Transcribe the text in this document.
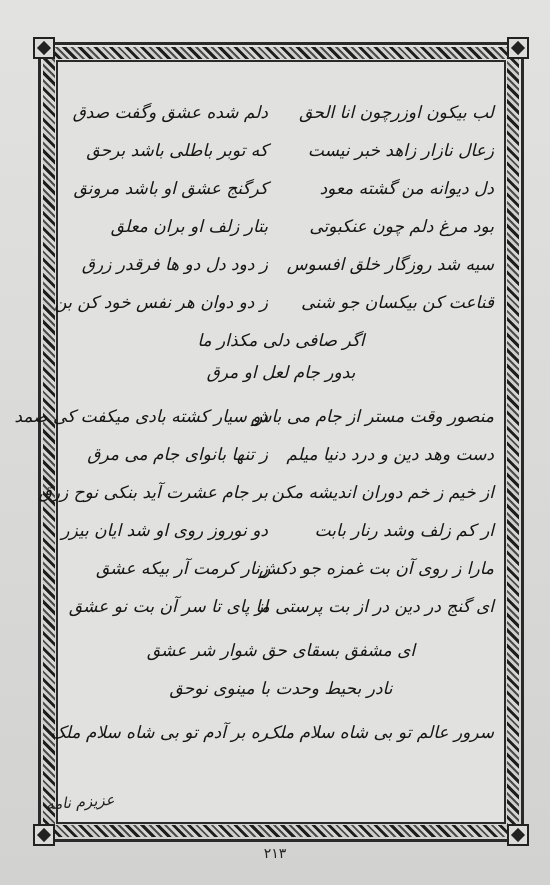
لب بیکون اوزرچون انا الحق
دلم شده عشق وگفت صدق
زعال نازار زاهد خبر نیست
که توبر باطلی باشد برحق
دل دیوانه من گشته معود
کرگنج عشق او باشد مرونق
بود مرغ دلم چون عنکبوتی
بتار زلف او بران معلق
سیه شد روزگار خلق افسوس
ز دود دل دو ها فرقدر زرق
قناعت کن بیکسان جو شنی
ز دو دوان هر نفس خود کن بن
اگر صافی دلی مکذار ما
بدور جام لعل او مرق
منصور وقت مستر از جام می باش
دو سیار کشته بادی میکفت کی صمد
دست وهد دین و درد دنیا میلم
ز تنها بانوای جام می مرق
از خیم ز خم دوران اندیشه مکن
بر جام عشرت آید بنکی نوح زرق
ار کم زلف وشد رنار بابت
دو نوروز روی او شد ایان بیزر
مارا ز روی آن بت غمزه جو دکش
زنار کرمت آر بیکه عشق
ای گنج در دین در از بت پرستی ما
از پای تا سر آن بت نو عشق
ای مشفق بسقای حق شوار شر عشق
نادر بحیط وحدت با مینوی نوحق
سرور عالم تو بی شاه سلام ملک
ره بر آدم تو بی شاه سلام ملک
عزیزم نامه
۲۱۳
